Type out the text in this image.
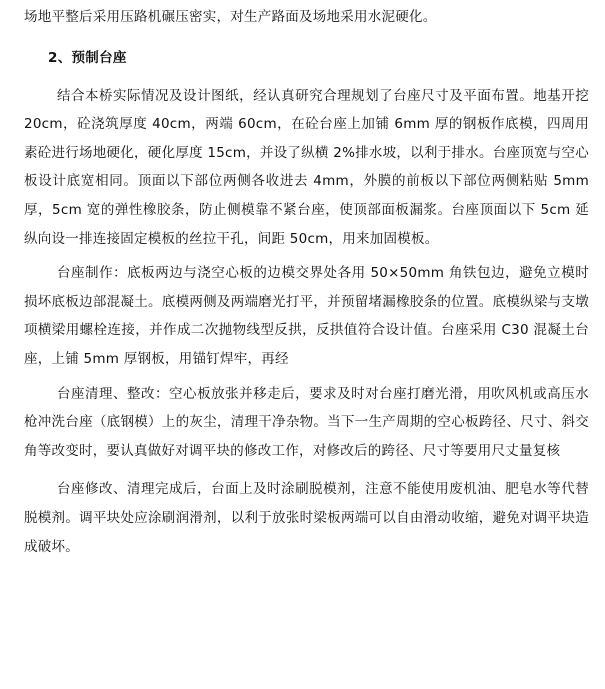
场地平整后采用压路机碾压密实，对生产路面及场地采用水泥硬化。

2、预制台座

结合本桥实际情况及设计图纸，经认真研究合理规划了台座尺寸及平面布置。地基开挖 20cm，砼浇筑厚度 40cm，两端 60cm，在砼台座上加铺 6mm 厚的钢板作底模，四周用素砼进行场地硬化，硬化厚度 15cm，并设了纵横 2%排水坡，以利于排水。台座顶宽与空心板设计底宽相同。顶面以下部位两侧各收进去 4mm，外膜的前板以下部位两侧粘贴 5mm 厚，5cm 宽的弹性橡胶条，防止侧模靠不紧台座，使顶部面板漏浆。台座顶面以下 5cm 延纵向设一排连接固定模板的丝拉干孔，间距 50cm，用来加固模板。

台座制作：底板两边与浇空心板的边模交界处各用 50×50mm 角铁包边，避免立模时损坏底板边部混凝土。底模两侧及两端磨光打平，并预留堵漏橡胶条的位置。底模纵梁与支墩项横梁用螺栓连接，并作成二次抛物线型反拱，反拱值符合设计值。台座采用 C30 混凝土台座，上铺 5mm 厚钢板，用锚钉焊牢，再经

台座清理、整改：空心板放张并移走后，要求及时对台座打磨光滑，用吹风机或高压水枪冲洗台座（底钢模）上的灰尘，清理干净杂物。当下一生产周期的空心板跨径、尺寸、斜交角等改变时，要认真做好对调平块的修改工作，对修改后的跨径、尺寸等要用尺丈量复核

台座修改、清理完成后，台面上及时涂刷脱模剂，注意不能使用废机油、肥皂水等代替脱模剂。调平块处应涂刷润滑剂，以利于放张时梁板两端可以自由滑动收缩，避免对调平块造成破坏。
